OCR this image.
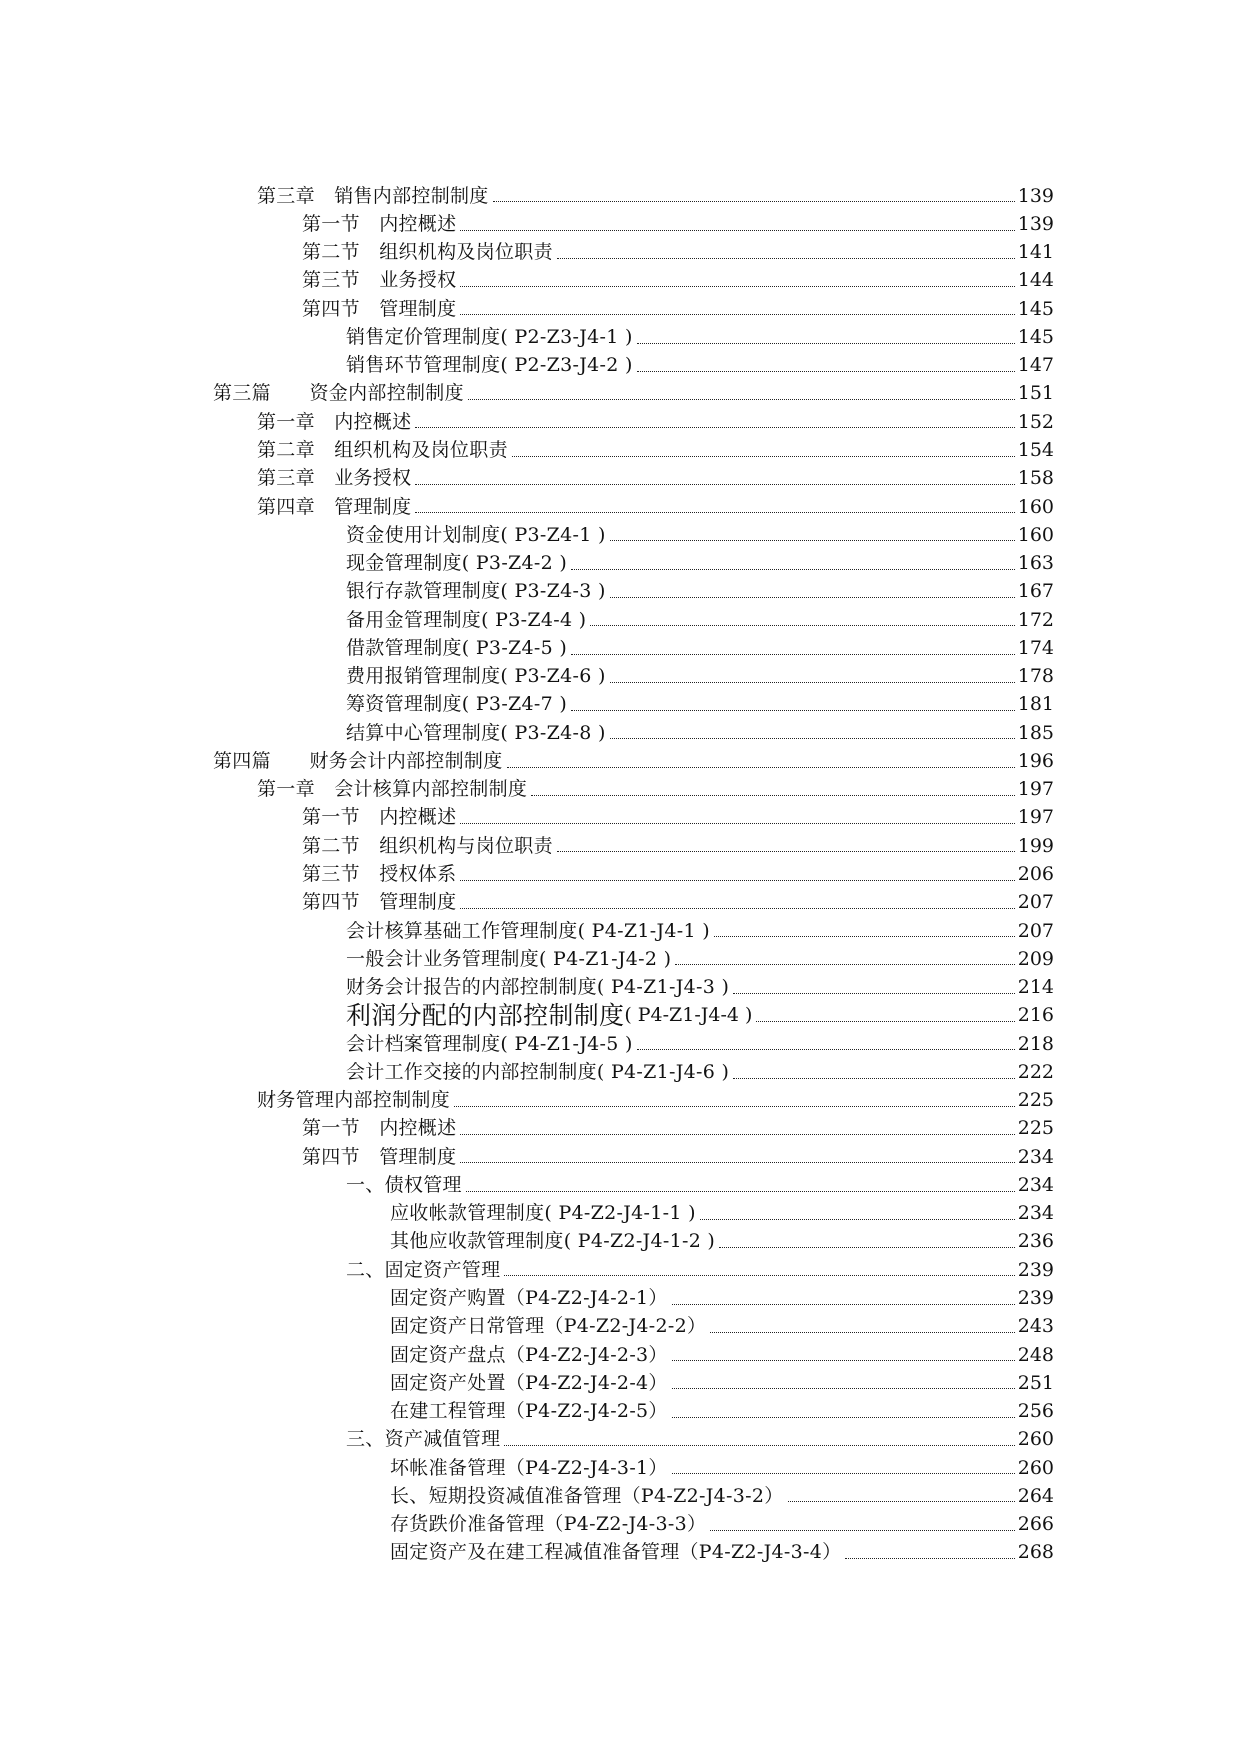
第三章　销售内部控制制度	139
第一节　内控概述	139
第二节　组织机构及岗位职责	141
第三节　业务授权	144
第四节　管理制度	145
销售定价管理制度( P2-Z3-J4-1 )	145
销售环节管理制度( P2-Z3-J4-2 )	147
第三篇　　资金内部控制制度	151
第一章　内控概述	152
第二章　组织机构及岗位职责	154
第三章　业务授权	158
第四章　管理制度	160
资金使用计划制度( P3-Z4-1 )	160
现金管理制度( P3-Z4-2 )	163
银行存款管理制度( P3-Z4-3 )	167
备用金管理制度( P3-Z4-4 )	172
借款管理制度( P3-Z4-5 )	174
费用报销管理制度( P3-Z4-6 )	178
筹资管理制度( P3-Z4-7 )	181
结算中心管理制度( P3-Z4-8 )	185
第四篇　　财务会计内部控制制度	196
第一章　会计核算内部控制制度	197
第一节　内控概述	197
第二节　组织机构与岗位职责	199
第三节　授权体系	206
第四节　管理制度	207
会计核算基础工作管理制度( P4-Z1-J4-1 )	207
一般会计业务管理制度( P4-Z1-J4-2 )	209
财务会计报告的内部控制制度( P4-Z1-J4-3 )	214
利润分配的内部控制制度 ( P4-Z1-J4-4 )	216
会计档案管理制度( P4-Z1-J4-5 )	218
会计工作交接的内部控制制度( P4-Z1-J4-6 )	222
财务管理内部控制制度	225
第一节　内控概述	225
第四节　管理制度	234
一、债权管理	234
应收帐款管理制度( P4-Z2-J4-1-1 )	234
其他应收款管理制度( P4-Z2-J4-1-2 )	236
二、固定资产管理	239
固定资产购置（P4-Z2-J4-2-1）	239
固定资产日常管理（P4-Z2-J4-2-2）	243
固定资产盘点（P4-Z2-J4-2-3）	248
固定资产处置（P4-Z2-J4-2-4）	251
在建工程管理（P4-Z2-J4-2-5）	256
三、资产减值管理	260
坏帐准备管理（P4-Z2-J4-3-1）	260
长、短期投资减值准备管理（P4-Z2-J4-3-2）	264
存货跌价准备管理（P4-Z2-J4-3-3）	266
固定资产及在建工程减值准备管理（P4-Z2-J4-3-4）	268
